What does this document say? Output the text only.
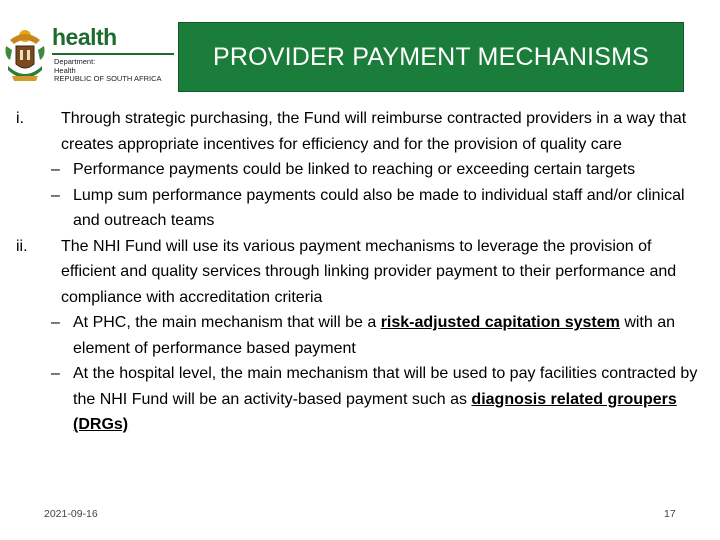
health
Department:
Health
REPUBLIC OF SOUTH AFRICA
PROVIDER PAYMENT MECHANISMS
i. Through strategic purchasing, the Fund will reimburse contracted providers in a way that creates appropriate incentives for efficiency and for the provision of quality care
– Performance payments could be linked to reaching or exceeding certain targets
– Lump sum performance payments could also be made to individual staff and/or clinical and outreach teams
ii. The NHI Fund will use its various payment mechanisms to leverage the provision of efficient and quality services through linking provider payment to their performance and compliance with accreditation criteria
– At PHC, the main mechanism that will be a risk-adjusted capitation system with an element of performance based payment
– At the hospital level, the main mechanism that will be used to pay facilities contracted by the NHI Fund will be an activity-based payment such as diagnosis related groupers (DRGs)
2021-09-16	17
